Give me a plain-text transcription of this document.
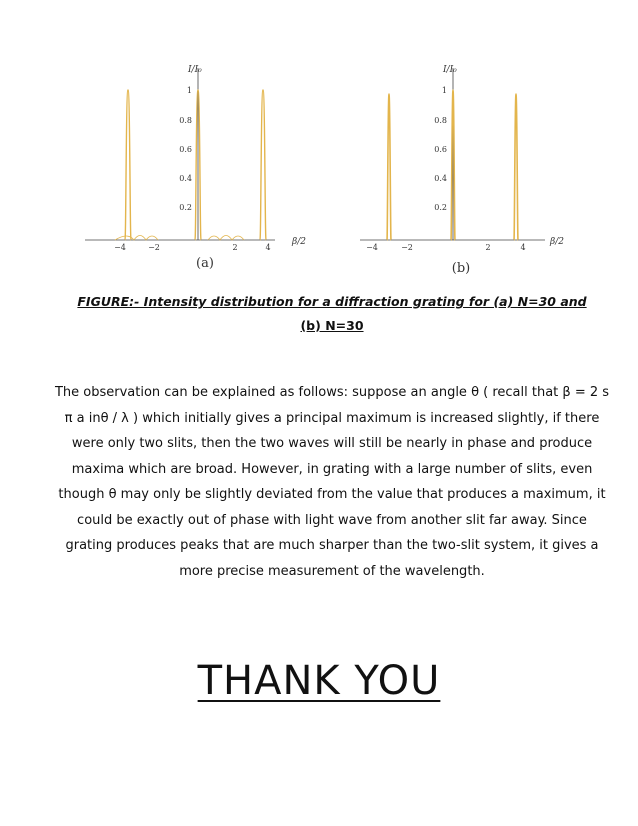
I/I₀
β/2
1
0.8
0.6
0.4
0.2
−4	−2	2	4
(a)
I/I₀
β/2
1
0.8
0.6
0.4
0.2
−4	−2	2	4
(b)
FIGURE:- Intensity distribution for a diffraction grating for (a) N=30 and
(b) N=30
The observation can be explained as follows: suppose an angle θ ( recall that β = 2 s π a inθ / λ ) which initially gives a principal maximum is increased slightly, if there were only two slits, then the two waves will still be nearly in phase and produce maxima which are broad. However, in grating with a large number of slits, even though θ may only be slightly deviated from the value that produces a maximum, it could be exactly out of phase with light wave from another slit far away. Since grating produces peaks that are much sharper than the two-slit system, it gives a more precise measurement of the wavelength.
THANK YOU
